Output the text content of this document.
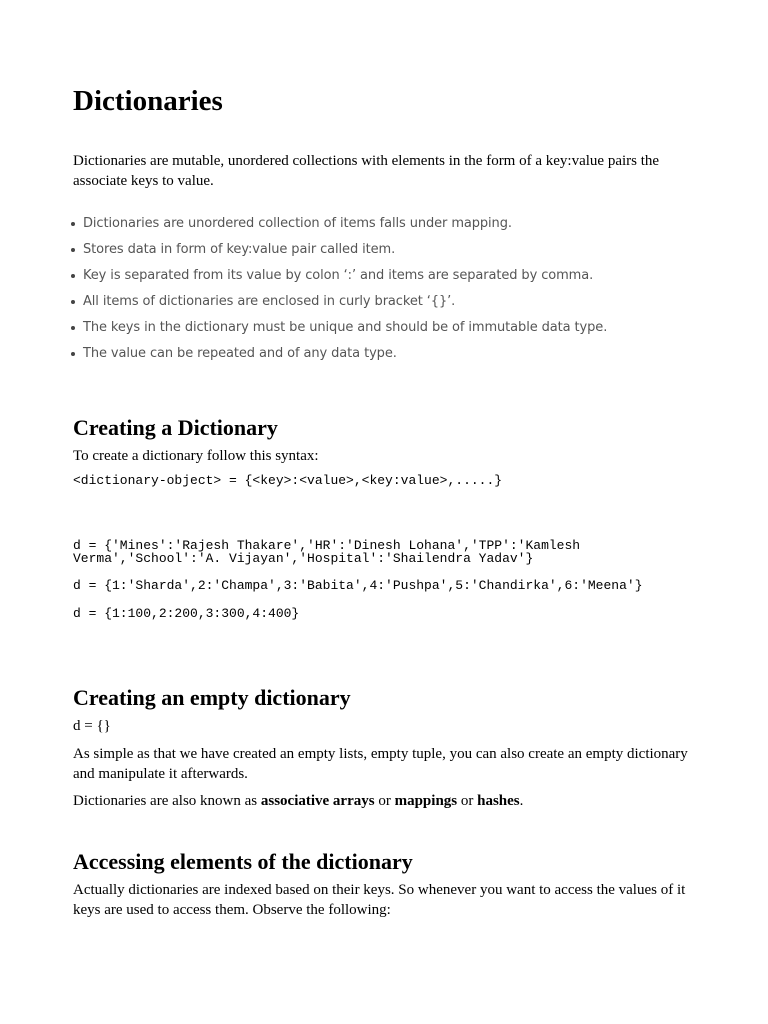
Dictionaries

Dictionaries are mutable, unordered collections with elements in the form of a key:value pairs the associate keys to value.

Dictionaries are unordered collection of items falls under mapping.
Stores data in form of key:value pair called item.
Key is separated from its value by colon ‘:’ and items are separated by comma.
All items of dictionaries are enclosed in curly bracket ‘{}’.
The keys in the dictionary must be unique and should be of immutable data type.
The value can be repeated and of any data type.
Creating a Dictionary

To create a dictionary follow this syntax:

<dictionary-object> = {<key>:<value>,<key:value>,.....}
d = {'Mines':'Rajesh Thakare','HR':'Dinesh Lohana','TPP':'Kamlesh
Verma','School':'A. Vijayan','Hospital':'Shailendra Yadav'}
d = {1:'Sharda',2:'Champa',3:'Babita',4:'Pushpa',5:'Chandirka',6:'Meena'}
d = {1:100,2:200,3:300,4:400}
Creating an empty dictionary

d = {}

As simple as that we have created an empty lists, empty tuple, you can also create an empty dictionary and manipulate it afterwards.

Dictionaries are also known as associative arrays or mappings or hashes.

Accessing elements of the dictionary

Actually dictionaries are indexed based on their keys. So whenever you want to access the values of it keys are used to access them. Observe the following:
